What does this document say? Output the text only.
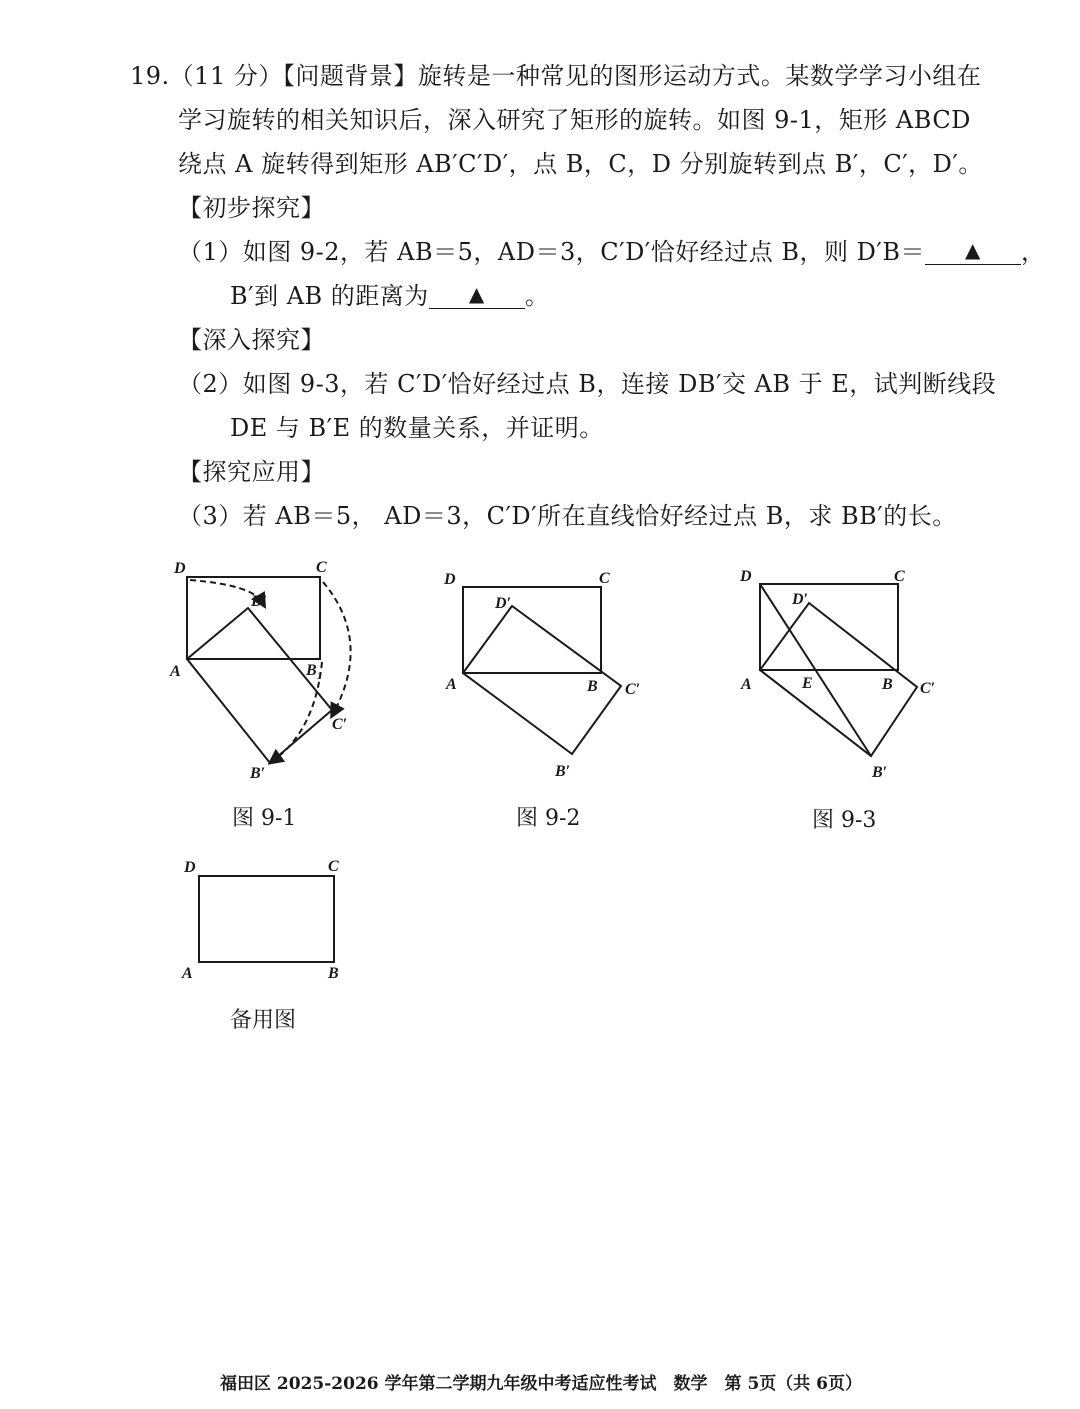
19.（11 分）【问题背景】旋转是一种常见的图形运动方式。某数学学习小组在
学习旋转的相关知识后，深入研究了矩形的旋转。如图 9-1，矩形 ABCD
绕点 A 旋转得到矩形 AB′C′D′，点 B，C，D 分别旋转到点 B′，C′，D′。
【初步探究】
（1）如图 9-2，若 AB＝5，AD＝3，C′D′恰好经过点 B，则 D′B＝ ▲ ，
B′到 AB 的距离为 ▲ 。
【深入探究】
（2）如图 9-3，若 C′D′恰好经过点 B，连接 DB′交 AB 于 E，试判断线段
DE 与 B′E 的数量关系，并证明。
【探究应用】
（3）若 AB＝5， AD＝3，C′D′所在直线恰好经过点 B，求 BB′的长。
D	C
D′
A	B 1
C′
B′
图 9-1
D	C
D′
A	B C′
B′
图 9-2
D	C
D′
A	E	B C′
B′
图 9-3
D	C
A	B
备用图
福田区 2025-2026 学年第二学期九年级中考适应性考试　数学　第 5页（共 6页）
